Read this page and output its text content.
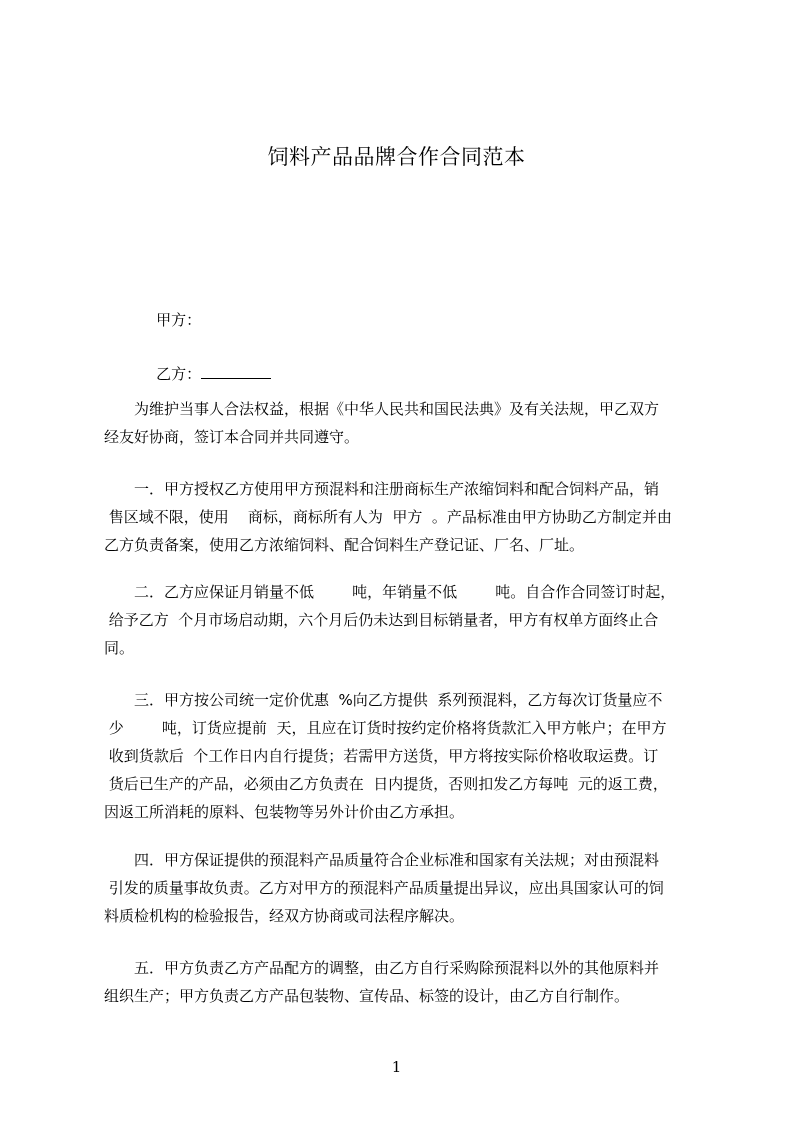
饲料产品品牌合作合同范本

甲方：

乙方：

　　为维护当事人合法权益，根据《中华人民共和国民法典》及有关法规，甲乙双方
经友好协商，签订本合同并共同遵守。
　　一．甲方授权乙方使用甲方预混料和注册商标生产浓缩饲料和配合饲料产品，销
售区域不限，使用    商标，商标所有人为  甲方  。产品标准由甲方协助乙方制定并由
乙方负责备案，使用乙方浓缩饲料、配合饲料生产登记证、厂名、厂址。
　　二．乙方应保证月销量不低        吨，年销量不低        吨。自合作合同签订时起，
给予乙方  个月市场启动期，六个月后仍未达到目标销量者，甲方有权单方面终止合
同。
　　三．甲方按公司统一定价优惠  %向乙方提供  系列预混料，乙方每次订货量应不
少        吨，订货应提前  天，且应在订货时按约定价格将货款汇入甲方帐户；在甲方
收到货款后  个工作日内自行提货；若需甲方送货，甲方将按实际价格收取运费。订
货后已生产的产品，必须由乙方负责在  日内提货，否则扣发乙方每吨  元的返工费，
因返工所消耗的原料、包装物等另外计价由乙方承担。
　　四．甲方保证提供的预混料产品质量符合企业标准和国家有关法规；对由预混料
引发的质量事故负责。乙方对甲方的预混料产品质量提出异议，应出具国家认可的饲
料质检机构的检验报告，经双方协商或司法程序解决。
　　五．甲方负责乙方产品配方的调整，由乙方自行采购除预混料以外的其他原料并
组织生产；甲方负责乙方产品包装物、宣传品、标签的设计，由乙方自行制作。
1
